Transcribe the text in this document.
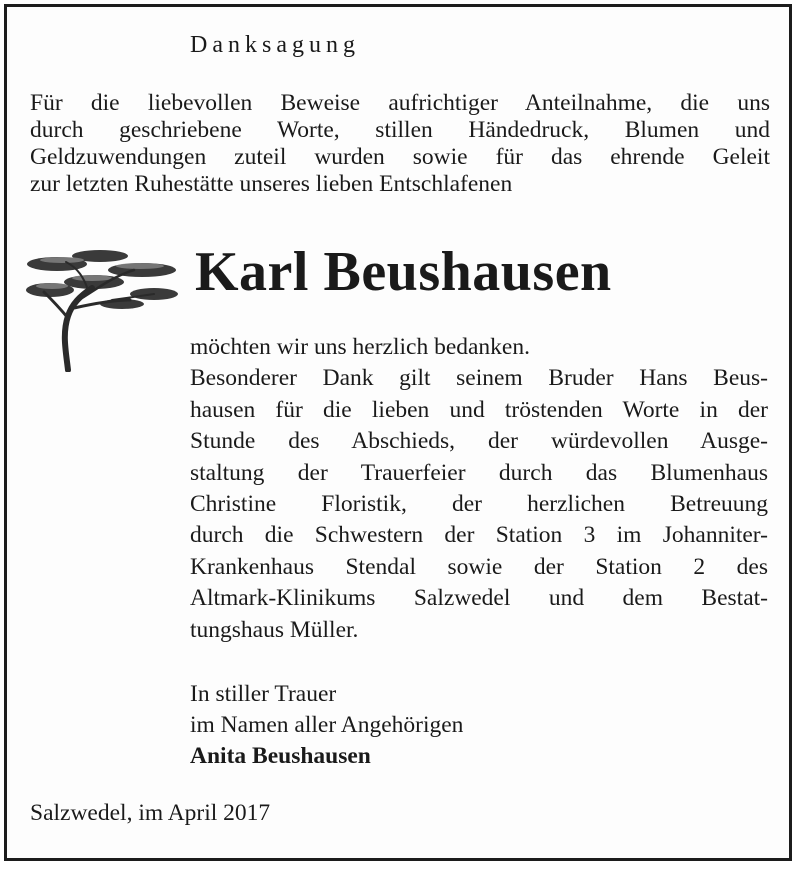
Danksagung
Für die liebevollen Beweise aufrichtiger Anteilnahme, die uns
durch geschriebene Worte, stillen Händedruck, Blumen und
Geldzuwendungen zuteil wurden sowie für das ehrende Geleit
zur letzten Ruhestätte unseres lieben Entschlafenen
Karl Beushausen
möchten wir uns herzlich bedanken.
Besonderer Dank gilt seinem Bruder Hans Beus-
hausen für die lieben und tröstenden Worte in der
Stunde des Abschieds, der würdevollen Ausge-
staltung der Trauerfeier durch das Blumenhaus
Christine Floristik, der herzlichen Betreuung
durch die Schwestern der Station 3 im Johanniter-
Krankenhaus Stendal sowie der Station 2 des
Altmark-Klinikums Salzwedel und dem Bestat-
tungshaus Müller.
In stiller Trauer
im Namen aller Angehörigen
Anita Beushausen
Salzwedel, im April 2017
